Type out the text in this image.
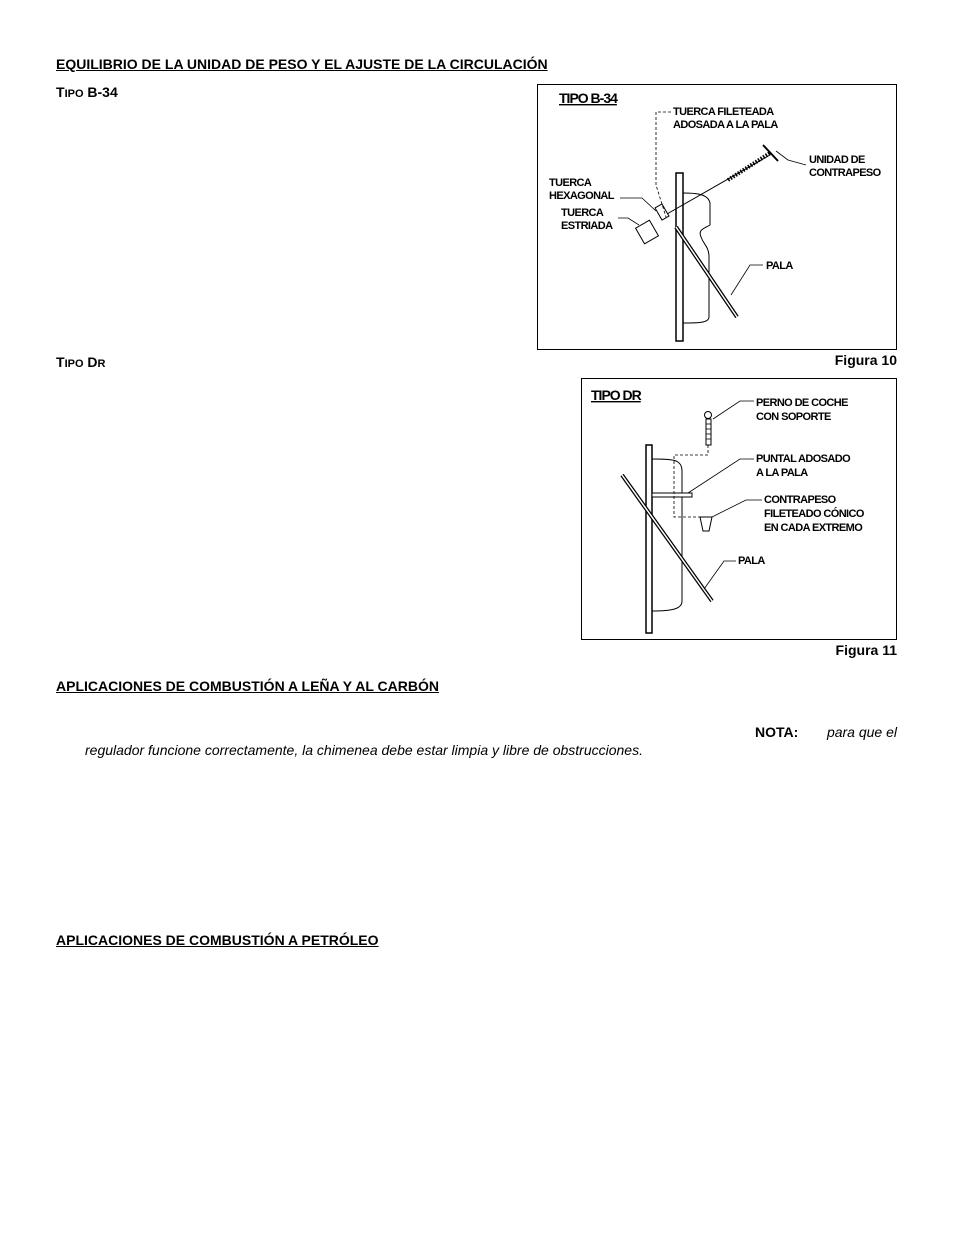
EQUILIBRIO DE LA UNIDAD DE PESO Y EL AJUSTE DE LA CIRCULACIÓN
TIPO B-34
TIPO DR
TIPO B-34
TUERCA FILETEADA
ADOSADA A LA PALA
UNIDAD DE
CONTRAPESO
TUERCA
HEXAGONAL
TUERCA
ESTRIADA
PALA
Figura 10
TIPO DR	PERNO DE COCHE
CON SOPORTE
PUNTAL ADOSADO
A LA PALA
CONTRAPESO
FILETEADO CÓNICO
EN CADA EXTREMO
PALA
Figura 11
APLICACIONES DE COMBUSTIÓN A LEÑA Y AL CARBÓN
NOTA: para que el
regulador funcione correctamente, la chimenea debe estar limpia y libre de obstrucciones.
APLICACIONES DE COMBUSTIÓN A PETRÓLEO
